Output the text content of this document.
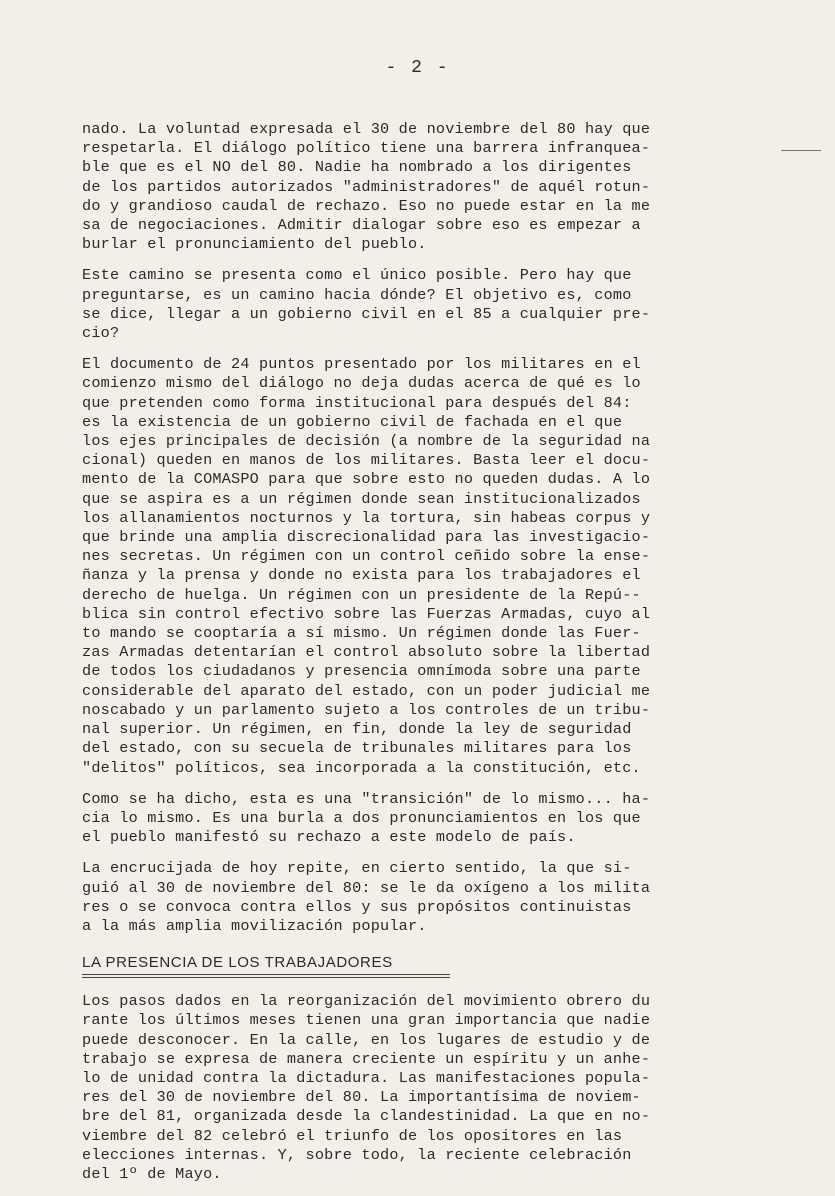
- 2 -
nado. La voluntad expresada el 30 de noviembre del 80 hay que
respetarla. El diálogo político tiene una barrera infranquea-
ble que es el NO del 80. Nadie ha nombrado a los dirigentes
de los partidos autorizados "administradores" de aquél rotun-
do y grandioso caudal de rechazo. Eso no puede estar en la me
sa de negociaciones. Admitir dialogar sobre eso es empezar a
burlar el pronunciamiento del pueblo.
Este camino se presenta como el único posible. Pero hay que
preguntarse, es un camino hacia dónde? El objetivo es, como
se dice, llegar a un gobierno civil en el 85 a cualquier pre-
cio?
El documento de 24 puntos presentado por los militares en el
comienzo mismo del diálogo no deja dudas acerca de qué es lo
que pretenden como forma institucional para después del 84:
es la existencia de un gobierno civil de fachada en el que
los ejes principales de decisión (a nombre de la seguridad na
cional) queden en manos de los militares. Basta leer el docu-
mento de la COMASPO para que sobre esto no queden dudas. A lo
que se aspira es a un régimen donde sean institucionalizados
los allanamientos nocturnos y la tortura, sin habeas corpus y
que brinde una amplia discrecionalidad para las investigacio-
nes secretas. Un régimen con un control ceñido sobre la ense-
ñanza y la prensa y donde no exista para los trabajadores el
derecho de huelga. Un régimen con un presidente de la Repú--
blica sin control efectivo sobre las Fuerzas Armadas, cuyo al
to mando se cooptaría a sí mismo. Un régimen donde las Fuer-
zas Armadas detentarían el control absoluto sobre la libertad
de todos los ciudadanos y presencia omnímoda sobre una parte
considerable del aparato del estado, con un poder judicial me
noscabado y un parlamento sujeto a los controles de un tribu-
nal superior. Un régimen, en fin, donde la ley de seguridad
del estado, con su secuela de tribunales militares para los
"delitos" políticos, sea incorporada a la constitución, etc.
Como se ha dicho, esta es una "transición" de lo mismo... ha-
cia lo mismo. Es una burla a dos pronunciamientos en los que
el pueblo manifestó su rechazo a este modelo de país.
La encrucijada de hoy repite, en cierto sentido, la que si-
guió al 30 de noviembre del 80: se le da oxígeno a los milita
res o se convoca contra ellos y sus propósitos continuistas
a la más amplia movilización popular.
LA PRESENCIA DE LOS TRABAJADORES
Los pasos dados en la reorganización del movimiento obrero du
rante los últimos meses tienen una gran importancia que nadie
puede desconocer. En la calle, en los lugares de estudio y de
trabajo se expresa de manera creciente un espíritu y un anhe-
lo de unidad contra la dictadura. Las manifestaciones popula-
res del 30 de noviembre del 80. La importantísima de noviem-
bre del 81, organizada desde la clandestinidad. La que en no-
viembre del 82 celebró el triunfo de los opositores en las
elecciones internas. Y, sobre todo, la reciente celebración
del 1º de Mayo.
